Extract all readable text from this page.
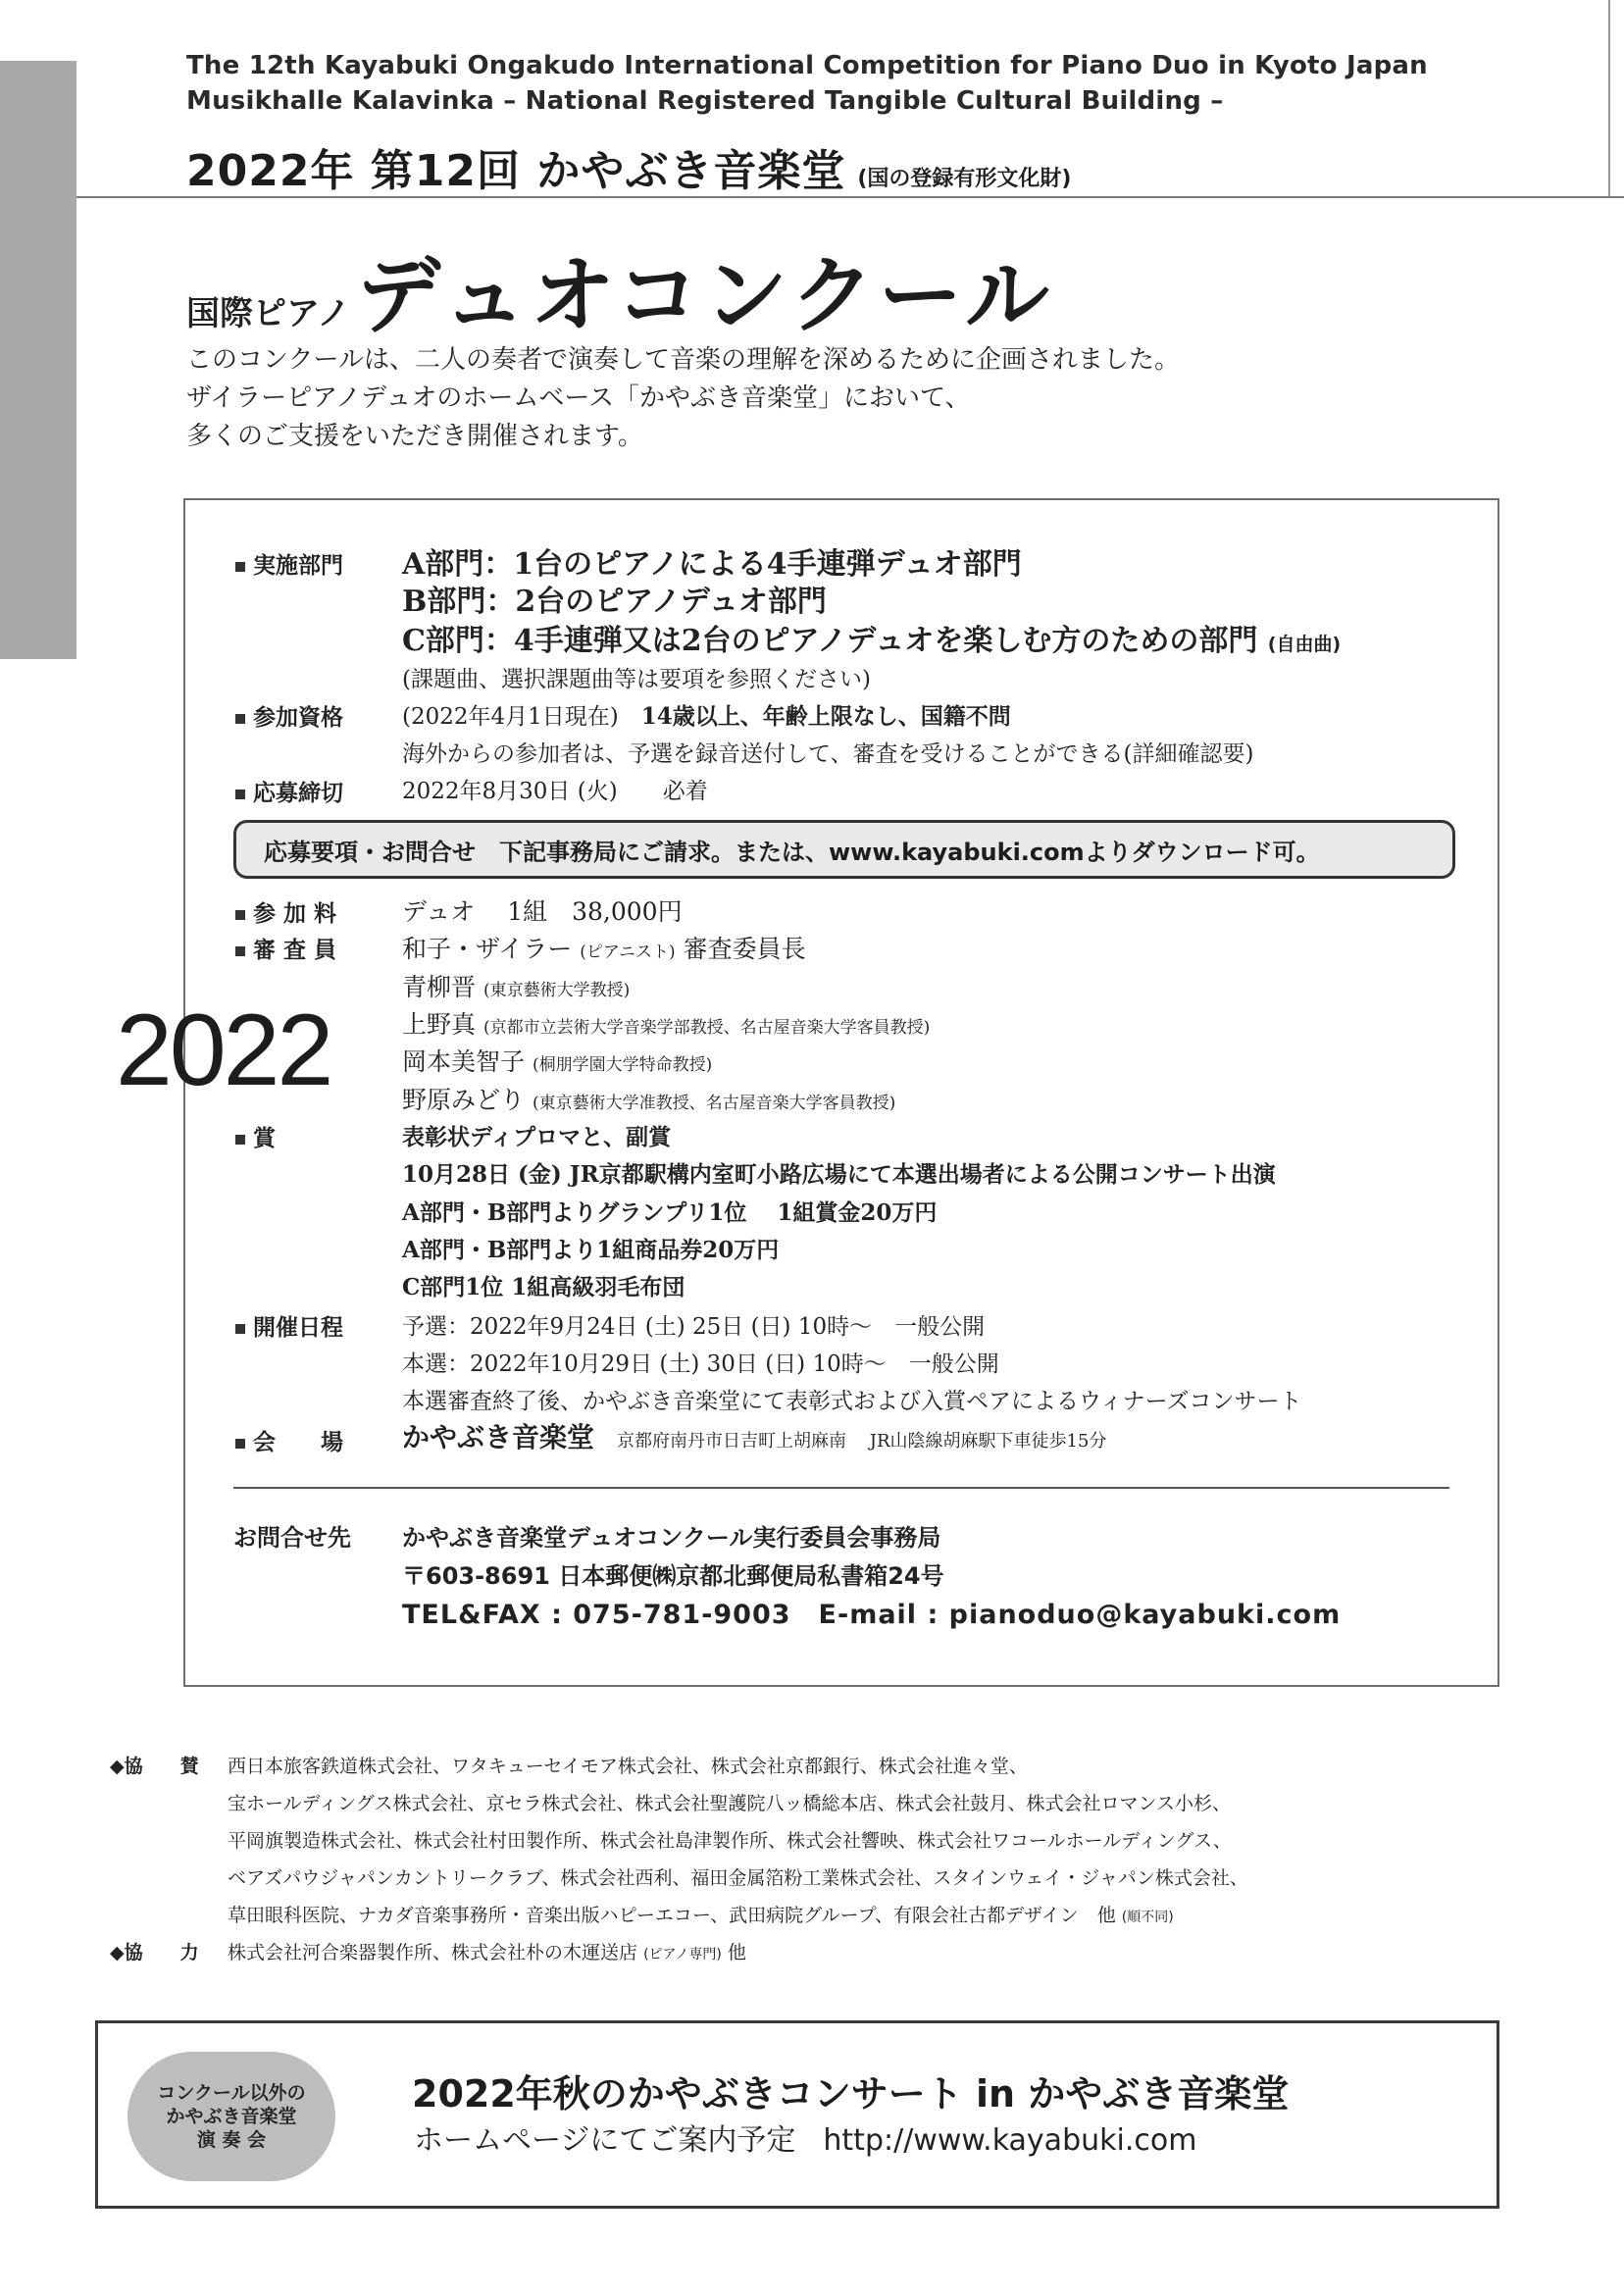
The 12th Kayabuki Ongakudo International Competition for Piano Duo in Kyoto Japan
Musikhalle Kalavinka – National Registered Tangible Cultural Building –
2022年 第12回 かやぶき音楽堂 (国の登録有形文化財)
国際ピアノ デュオコンクール
このコンクールは、二人の奏者で演奏して音楽の理解を深めるために企画されました。
ザイラーピアノデュオのホームベース「かやぶき音楽堂」において、
多くのご支援をいただき開催されます。
2022
実施部門 A部門：1台のピアノによる4手連弾デュオ部門
B部門：2台のピアノデュオ部門
C部門：4手連弾又は2台のピアノデュオを楽しむ方のための部門 (自由曲)
(課題曲、選択課題曲等は要項を参照ください)
参加資格	(2022年4月1日現在)　 14歳以上、年齢上限なし、国籍不問
海外からの参加者は、予選を録音送付して、審査を受けることができる(詳細確認要)
応募締切	2022年8月30日 (火)　　必着
応募要項・お問合せ　下記事務局にご請求。または、www.kayabuki.comよりダウンロード可。
参 加 料	デュオ　 1組　38,000円
審 査 員	和子・ザイラー (ピアニスト) 審査委員長
青柳晋 (東京藝術大学教授)
上野真 (京都市立芸術大学音楽学部教授、名古屋音楽大学客員教授)
岡本美智子 (桐朋学園大学特命教授)
野原みどり (東京藝術大学准教授、名古屋音楽大学客員教授)
賞	表彰状ディプロマと、副賞
10月28日 (金) JR京都駅構内室町小路広場にて本選出場者による公開コンサート出演
A部門・B部門よりグランプリ1位　 1組賞金20万円
A部門・B部門より1組商品券20万円
C部門1位 1組高級羽毛布団
開催日程	予選：2022年9月24日 (土) 25日 (日) 10時〜　一般公開
本選：2022年10月29日 (土) 30日 (日) 10時〜　一般公開
本選審査終了後、かやぶき音楽堂にて表彰式および入賞ペアによるウィナーズコンサート
会　　場 かやぶき音楽堂　 京都府南丹市日吉町上胡麻南　 JR山陰線胡麻駅下車徒歩15分
お問合せ先 かやぶき音楽堂デュオコンクール実行委員会事務局
〒603-8691 日本郵便㈱京都北郵便局私書箱24号
TEL&FAX : 075-781-9003　E-mail : pianoduo@kayabuki.com
◆協　　賛 西日本旅客鉄道株式会社、ワタキューセイモア株式会社、株式会社京都銀行、株式会社進々堂、
宝ホールディングス株式会社、京セラ株式会社、株式会社聖護院八ッ橋総本店、株式会社鼓月、株式会社ロマンス小杉、
平岡旗製造株式会社、株式会社村田製作所、株式会社島津製作所、株式会社響映、株式会社ワコールホールディングス、
ベアズパウジャパンカントリークラブ、株式会社西利、福田金属箔粉工業株式会社、スタインウェイ・ジャパン株式会社、
草田眼科医院、ナカダ音楽事務所・音楽出版ハピーエコー、武田病院グループ、有限会社古都デザイン　他 (順不同)
◆協　　力 株式会社河合楽器製作所、株式会社朴の木運送店 (ピアノ専門) 他
コンクール以外の
かやぶき音楽堂
演 奏 会
2022年秋のかやぶきコンサート in かやぶき音楽堂
ホームページにてご案内予定 http://www.kayabuki.com
